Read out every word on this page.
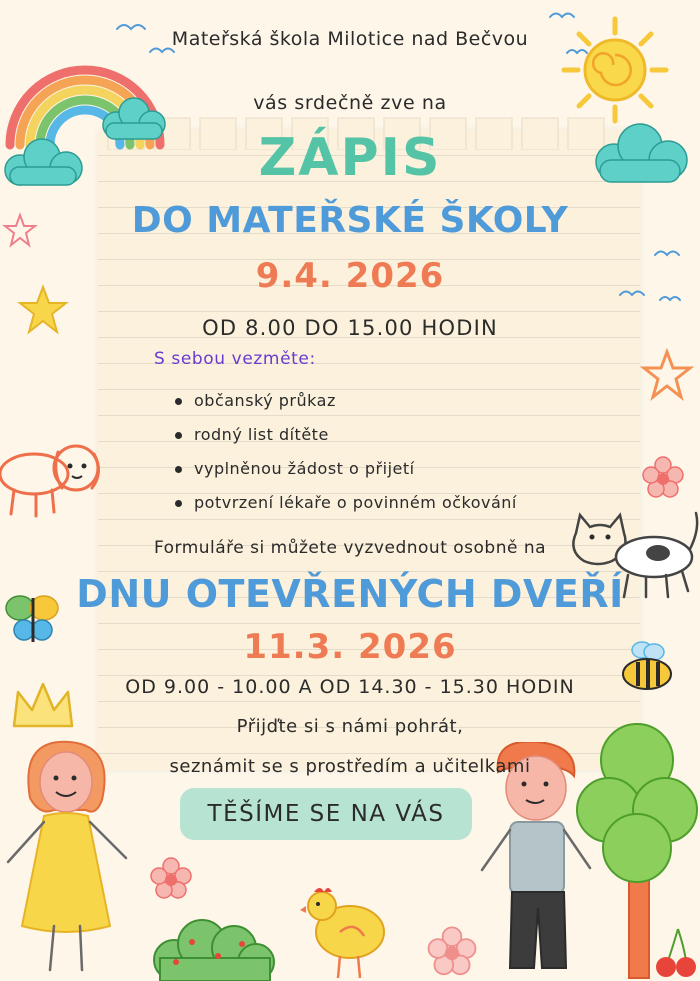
Mateřská škola Milotice nad Bečvou
vás srdečně zve na
ZÁPIS
DO MATEŘSKÉ ŠKOLY
9.4. 2026
OD 8.00 DO 15.00 HODIN
S sebou vezměte:
občanský průkaz
rodný list dítěte
vyplněnou žádost o přijetí
potvrzení lékaře o povinném očkování
Formuláře si můžete vyzvednout osobně na
DNU OTEVŘENÝCH DVEŘÍ
11.3. 2026
OD 9.00 - 10.00 A OD 14.30 - 15.30 HODIN
Přijďte si s námi pohrát,
seznámit se s prostředím a učitelkami
TĚŠÍME SE NA VÁS
